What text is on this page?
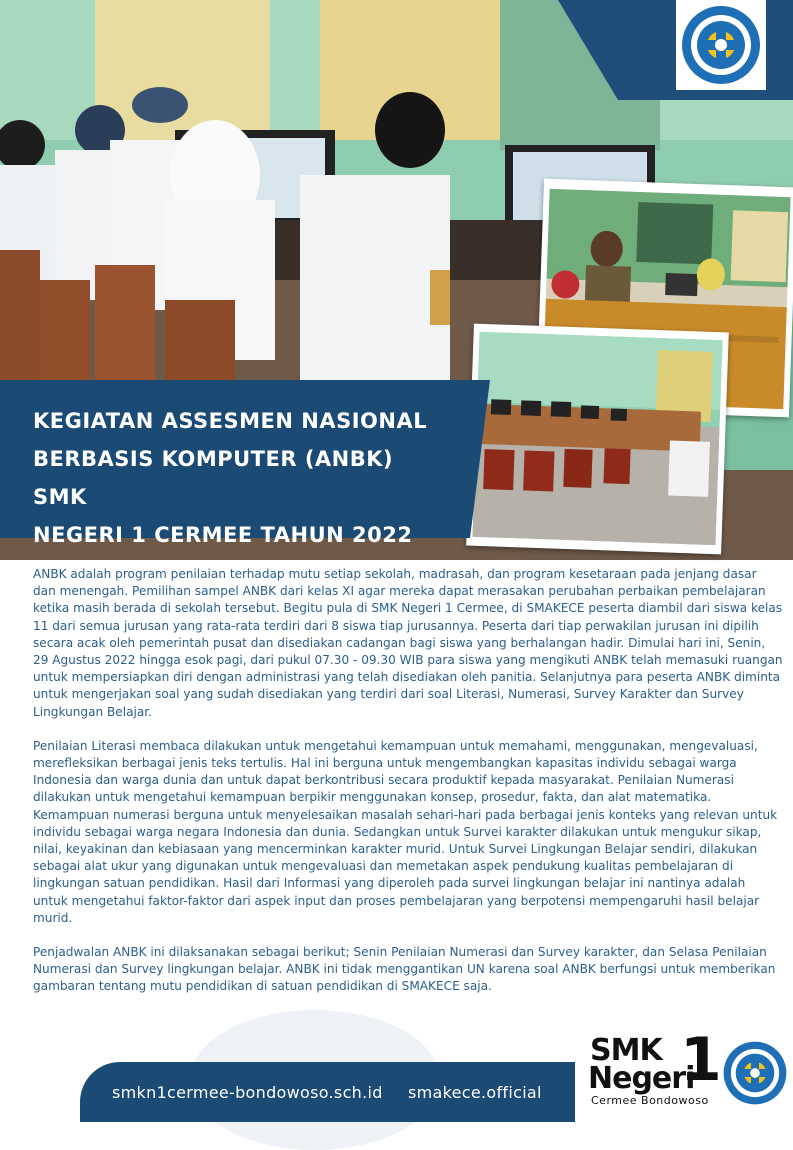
KEGIATAN ASSESMEN NASIONAL
BERBASIS KOMPUTER (ANBK) SMK
NEGERI 1 CERMEE TAHUN 2022

ANBK adalah program penilaian terhadap mutu setiap sekolah, madrasah, dan program kesetaraan pada jenjang dasar dan menengah. Pemilihan sampel ANBK dari kelas XI agar mereka dapat merasakan perubahan perbaikan pembelajaran ketika masih berada di sekolah tersebut. Begitu pula di SMK Negeri 1 Cermee, di SMAKECE peserta diambil dari siswa kelas 11 dari semua jurusan yang rata-rata terdiri dari 8 siswa tiap jurusannya. Peserta dari tiap perwakilan jurusan ini dipilih secara acak oleh pemerintah pusat dan disediakan cadangan bagi siswa yang berhalangan hadir. Dimulai hari ini, Senin, 29 Agustus 2022 hingga esok pagi, dari pukul 07.30 - 09.30 WIB para siswa yang mengikuti ANBK telah memasuki ruangan untuk mempersiapkan diri dengan administrasi yang telah disediakan oleh panitia. Selanjutnya para peserta ANBK diminta untuk mengerjakan soal yang sudah disediakan yang terdiri dari soal Literasi, Numerasi, Survey Karakter dan Survey Lingkungan Belajar.

Penilaian Literasi membaca dilakukan untuk mengetahui kemampuan untuk memahami, menggunakan, mengevaluasi, merefleksikan berbagai jenis teks tertulis. Hal ini berguna untuk mengembangkan kapasitas individu sebagai warga Indonesia dan warga dunia dan untuk dapat berkontribusi secara produktif kepada masyarakat. Penilaian Numerasi dilakukan untuk mengetahui kemampuan berpikir menggunakan konsep, prosedur, fakta, dan alat matematika. Kemampuan numerasi berguna untuk menyelesaikan masalah sehari-hari pada berbagai jenis konteks yang relevan untuk individu sebagai warga negara Indonesia dan dunia. Sedangkan untuk Survei karakter dilakukan untuk mengukur sikap, nilai, keyakinan dan kebiasaan yang mencerminkan karakter murid. Untuk Survei Lingkungan Belajar sendiri, dilakukan sebagai alat ukur yang digunakan untuk mengevaluasi dan memetakan aspek pendukung kualitas pembelajaran di lingkungan satuan pendidikan. Hasil dari Informasi yang diperoleh pada survei lingkungan belajar ini nantinya adalah untuk mengetahui faktor-faktor dari aspek input dan proses pembelajaran yang berpotensi mempengaruhi hasil belajar murid.

Penjadwalan ANBK ini dilaksanakan sebagai berikut; Senin Penilaian Numerasi dan Survey karakter, dan Selasa Penilaian Numerasi dan Survey lingkungan belajar. ANBK ini tidak menggantikan UN karena soal ANBK berfungsi untuk memberikan gambaran tentang mutu pendidikan di satuan pendidikan di SMAKECE saja.

smkn1cermee-bondowoso.sch.id smakece.official
SMK
Negeri
1
Cermee Bondowoso
